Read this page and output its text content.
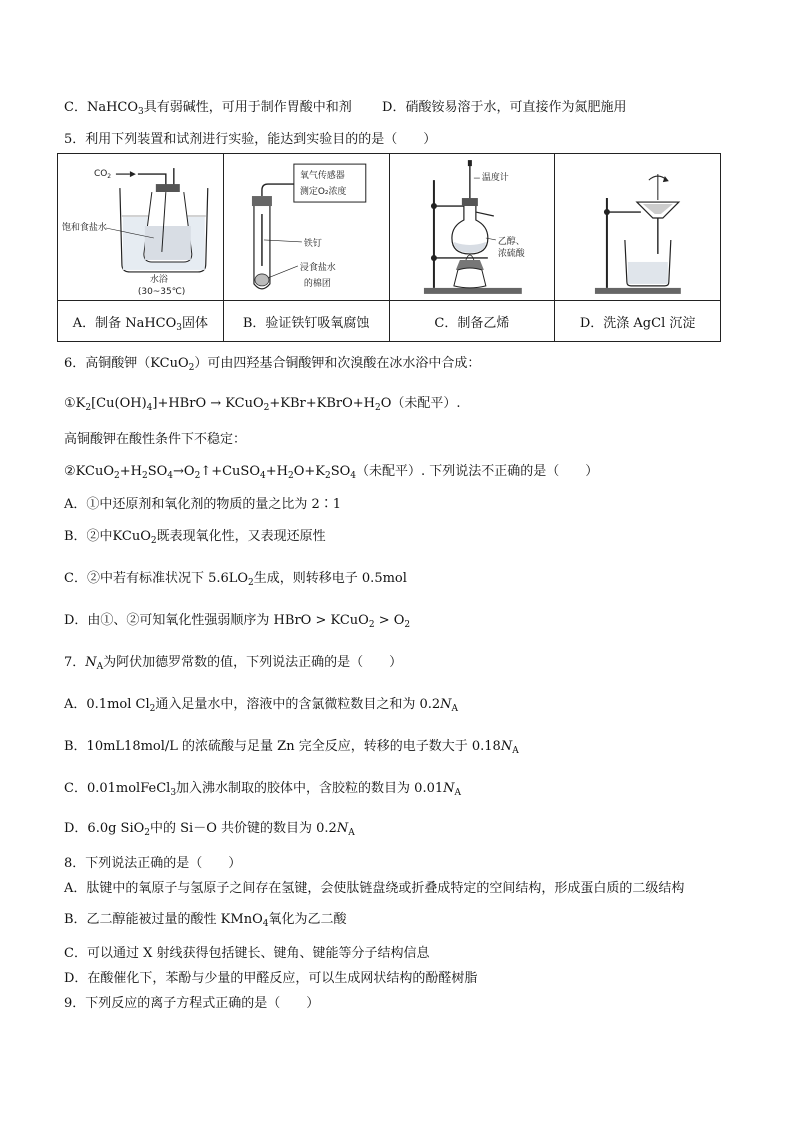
C．NaHCO$_3$具有弱碱性，可用于制作胃酸中和剂 D．硝酸铵易溶于水，可直接作为氮肥施用
5．利用下列装置和试剂进行实验，能达到实验目的的是（　　）
$CO_2$
饱和食盐水
水浴
(30~35℃)	氧气传感器
测定O₂浓度
铁钉
浸食盐水
的棉团	温度计
乙醇、
浓硫酸

A．制备 NaHCO$_3$固体	B．验证铁钉吸氧腐蚀	C．制备乙烯	D．洗涤 AgCl 沉淀
6．高铜酸钾（KCuO$_2$）可由四羟基合铜酸钾和次溴酸在冰水浴中合成：
$①K_2[Cu(OH)_4]+HBrO$ → $KCuO_2+KBr+KBrO+H_2O$（未配平）.
高铜酸钾在酸性条件下不稳定：
$②KCuO_2+H_2SO_4\to O_2↑+CuSO_4+H_2O+K_2SO_4$（未配平）. 下列说法不正确的是（　　）
A．①中还原剂和氧化剂的物质的量之比为 2∶1
B．②中KCuO$_2$既表现氧化性，又表现还原性
C．②中若有标准状况下 $5.6LO_2$生成，则转移电子 0.5mol
D．由①、②可知氧化性强弱顺序为 HBrO > KCuO$_2$ > $O_2$
7．$N_A$为阿伏加德罗常数的值，下列说法正确的是（　　）
A．0.1mol $Cl_2$通入足量水中，溶液中的含氯微粒数目之和为 $0.2N_A$
B．10mL18mol/L 的浓硫酸与足量 Zn 完全反应，转移的电子数大于 $0.18N_A$
C．0.01molFeCl$_3$加入沸水制取的胶体中，含胶粒的数目为 $0.01N_A$
D．6.0g SiO$_2$中的 Si－O 共价键的数目为 $0.2N_A$
8．下列说法正确的是（　　）
A．肽键中的氧原子与氢原子之间存在氢键，会使肽链盘绕或折叠成特定的空间结构，形成蛋白质的二级结构
B．乙二醇能被过量的酸性 KMnO$_4$氧化为乙二酸
C．可以通过 X 射线获得包括键长、键角、键能等分子结构信息
D．在酸催化下，苯酚与少量的甲醛反应，可以生成网状结构的酚醛树脂
9．下列反应的离子方程式正确的是（　　）
